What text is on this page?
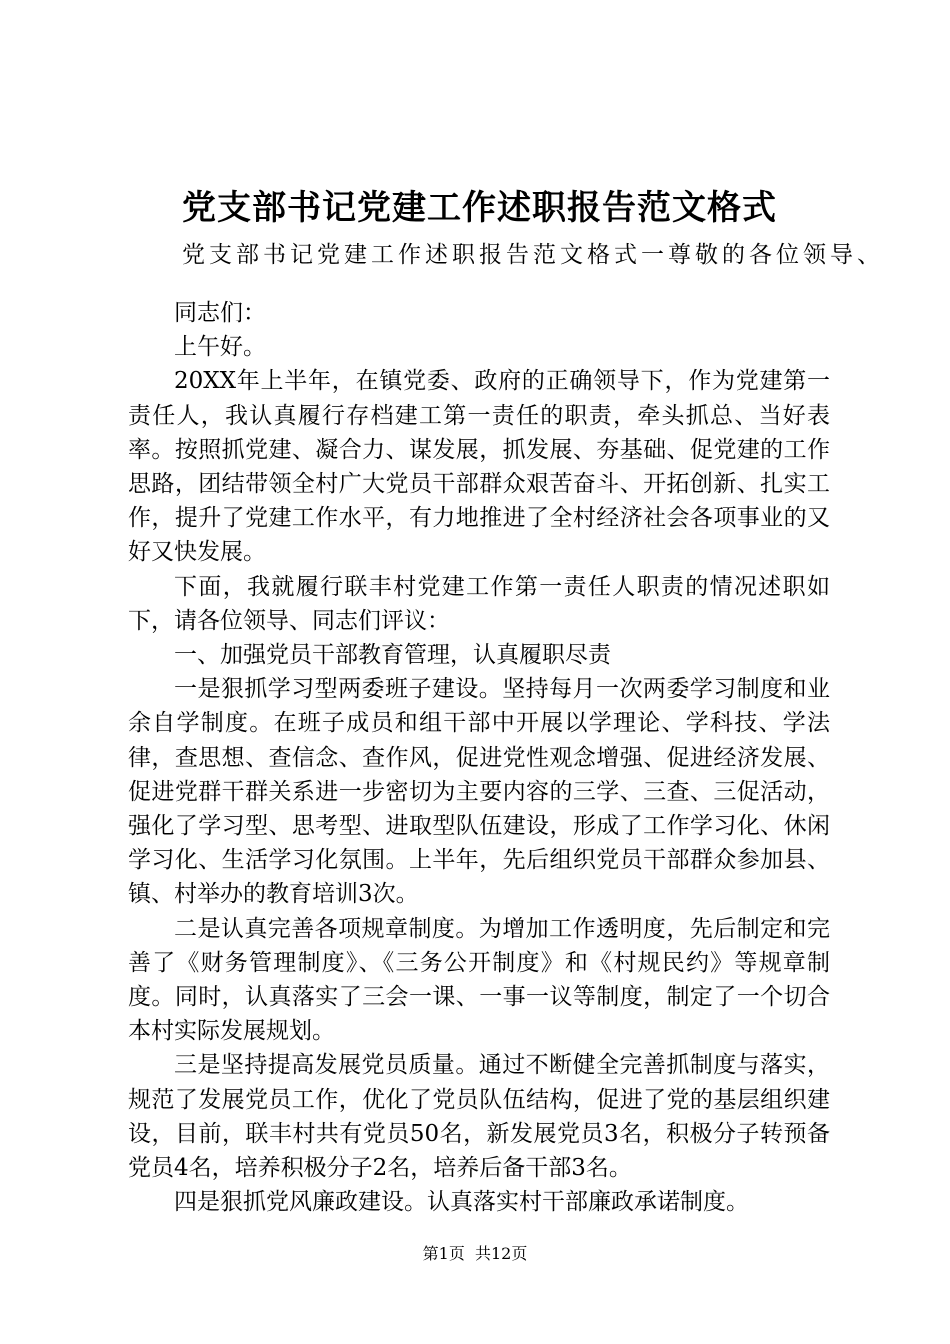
党支部书记党建工作述职报告范文格式
党支部书记党建工作述职报告范文格式一尊敬的各位领导、

同志们：

上午好。

20XX年上半年，在镇党委、政府的正确领导下，作为党建第一责任人，我认真履行存档建工第一责任的职责，牵头抓总、当好表率。按照抓党建、凝合力、谋发展，抓发展、夯基础、促党建的工作思路，团结带领全村广大党员干部群众艰苦奋斗、开拓创新、扎实工作，提升了党建工作水平，有力地推进了全村经济社会各项事业的又好又快发展。

下面，我就履行联丰村党建工作第一责任人职责的情况述职如下，请各位领导、同志们评议：

一、加强党员干部教育管理，认真履职尽责

一是狠抓学习型两委班子建设。坚持每月一次两委学习制度和业余自学制度。在班子成员和组干部中开展以学理论、学科技、学法律，查思想、查信念、查作风，促进党性观念增强、促进经济发展、促进党群干群关系进一步密切为主要内容的三学、三查、三促活动，强化了学习型、思考型、进取型队伍建设，形成了工作学习化、休闲学习化、生活学习化氛围。上半年，先后组织党员干部群众参加县、镇、村举办的教育培训3次。

二是认真完善各项规章制度。为增加工作透明度，先后制定和完善了《财务管理制度》、《三务公开制度》和《村规民约》等规章制度。同时，认真落实了三会一课、一事一议等制度，制定了一个切合本村实际发展规划。

三是坚持提高发展党员质量。通过不断健全完善抓制度与落实，规范了发展党员工作，优化了党员队伍结构，促进了党的基层组织建设，目前，联丰村共有党员50名，新发展党员3名，积极分子转预备党员4名，培养积极分子2名，培养后备干部3名。

四是狠抓党风廉政建设。认真落实村干部廉政承诺制度。

第1页  共12页
